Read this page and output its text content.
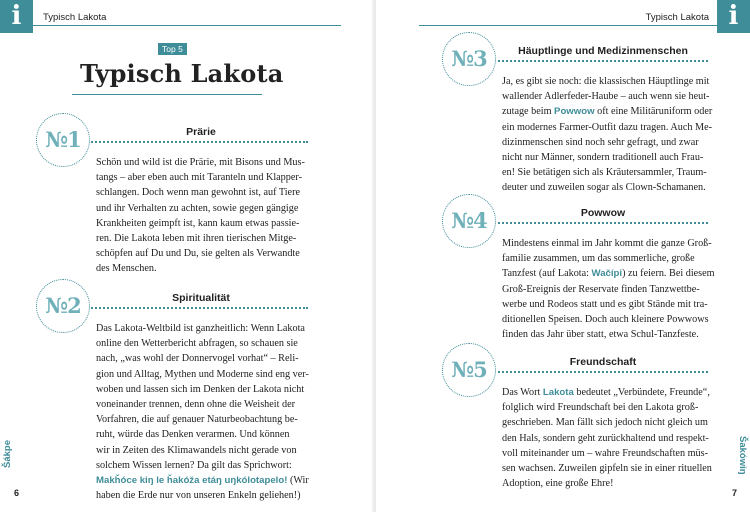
i	Typisch Lakota
Top 5
Typisch Lakota
№1	Prärie
Schön und wild ist die Prärie, mit Bisons und Mus-
tangs – aber eben auch mit Taranteln und Klapper-
schlangen. Doch wenn man gewohnt ist, auf Tiere
und ihr Verhalten zu achten, sowie gegen gängige
Krankheiten geimpft ist, kann kaum etwas passie-
ren. Die Lakota leben mit ihren tierischen Mitge-
schöpfen auf Du und Du, sie gelten als Verwandte
des Menschen.
№2	Spiritualität
Das Lakota-Weltbild ist ganzheitlich: Wenn Lakota
online den Wetterbericht abfragen, so schauen sie
nach, „was wohl der Donnervogel vorhat“ – Reli-
gion und Alltag, Mythen und Moderne sind eng ver-
woben und lassen sich im Denken der Lakota nicht
voneinander trennen, denn ohne die Weisheit der
Vorfahren, die auf genauer Naturbeobachtung be-
ruht, würde das Denken verarmen. Und können
wir in Zeiten des Klimawandels nicht gerade von
solchem Wissen lernen? Da gilt das Sprichwort:
Makȟóce kiŋ le ȟakóža etáŋ uŋkólotapelo! (Wir
haben die Erde nur von unseren Enkeln geliehen!)
Šákpe
6
i
Typisch Lakota
№3	Häuptlinge und Medizinmenschen
Ja, es gibt sie noch: die klassischen Häuptlinge mit
wallender Adlerfeder-Haube – auch wenn sie heut-
zutage beim Powwow oft eine Militäruniform oder
ein modernes Farmer-Outfit dazu tragen. Auch Me-
dizinmenschen sind noch sehr gefragt, und zwar
nicht nur Männer, sondern traditionell auch Frau-
en! Sie betätigen sich als Kräutersammler, Traum-
deuter und zuweilen sogar als Clown-Schamanen.
№4	Powwow
Mindestens einmal im Jahr kommt die ganze Groß-
familie zusammen, um das sommerliche, große
Tanzfest (auf Lakota: Wačípi) zu feiern. Bei diesem
Groß-Ereignis der Reservate finden Tanzwettbe-
werbe und Rodeos statt und es gibt Stände mit tra-
ditionellen Speisen. Doch auch kleinere Powwows
finden das Jahr über statt, etwa Schul-Tanzfeste.
№5	Freundschaft
Das Wort Lakota bedeutet „Verbündete, Freunde“,
folglich wird Freundschaft bei den Lakota groß-
geschrieben. Man fällt sich jedoch nicht gleich um
den Hals, sondern geht zurückhaltend und respekt-
voll miteinander um – wahre Freundschaften müs-
sen wachsen. Zuweilen gipfeln sie in einer rituellen
Adoption, eine große Ehre!
Šakówiŋ
7
